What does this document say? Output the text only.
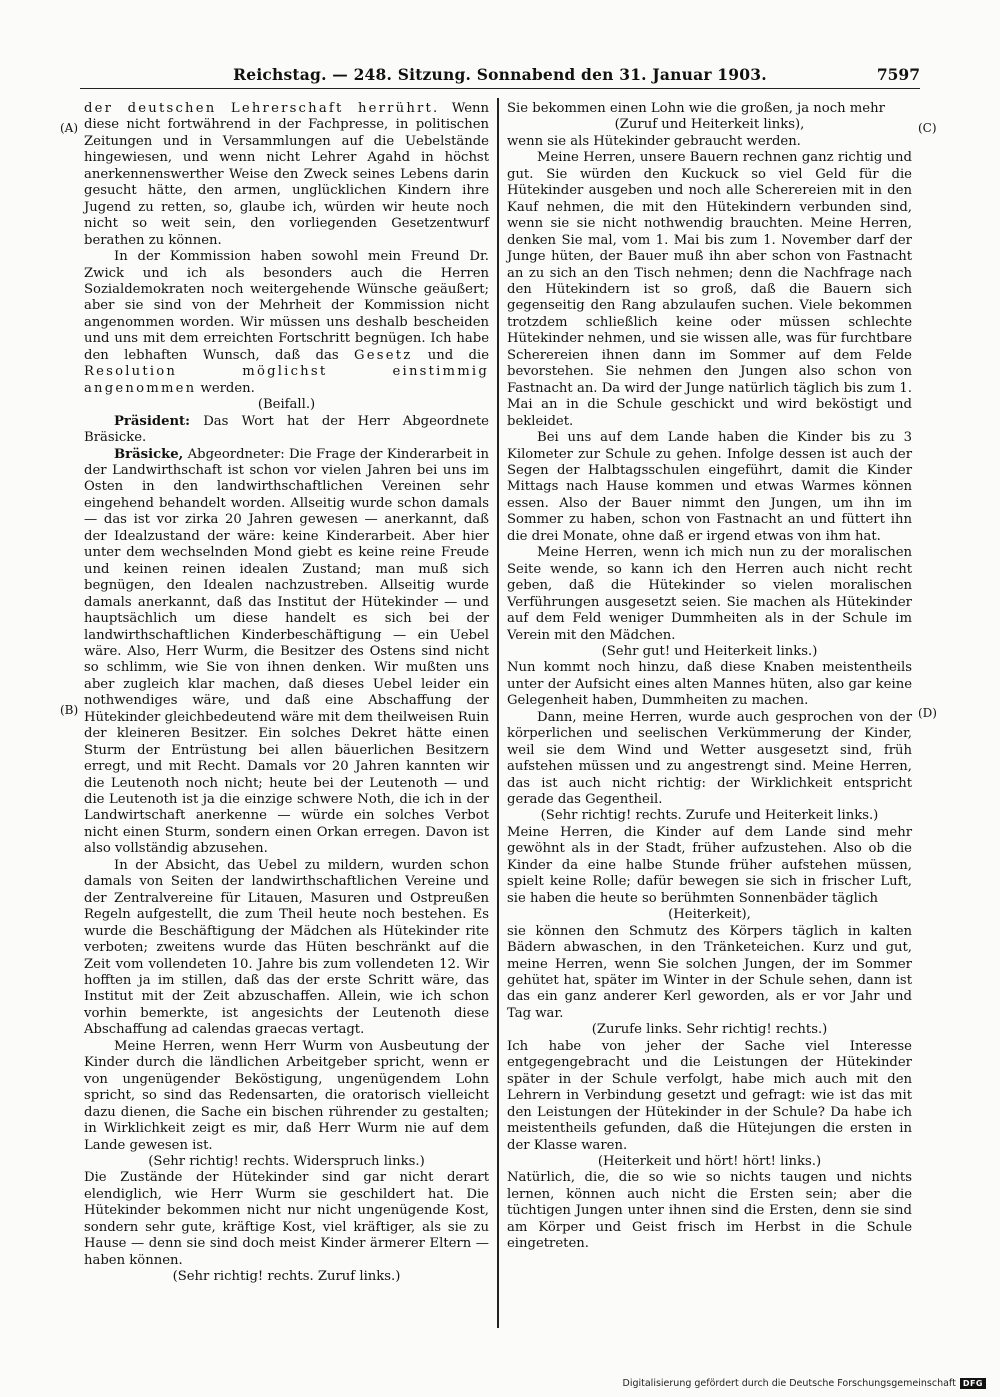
Reichstag. — 248. Sitzung. Sonnabend den 31. Januar 1903.	7597
(A)
(B)
(C)
(D)

der deutschen Lehrerschaft herrührt. Wenn diese nicht fortwährend in der Fachpresse, in politischen Zeitungen und in Versammlungen auf die Uebelstände hingewiesen, und wenn nicht Lehrer Agahd in höchst anerkennenswerther Weise den Zweck seines Lebens darin gesucht hätte, den armen, unglücklichen Kindern ihre Jugend zu retten, so, glaube ich, würden wir heute noch nicht so weit sein, den vorliegenden Gesetzentwurf berathen zu können.

In der Kommission haben sowohl mein Freund Dr. Zwick und ich als besonders auch die Herren Sozialdemokraten noch weitergehende Wünsche geäußert; aber sie sind von der Mehrheit der Kommission nicht angenommen worden. Wir müssen uns deshalb bescheiden und uns mit dem erreichten Fortschritt begnügen. Ich habe den lebhaften Wunsch, daß das Gesetz und die Resolution möglichst einstimmig angenommen werden.

(Beifall.)

Präsident: Das Wort hat der Herr Abgeordnete Bräsicke.

Bräsicke, Abgeordneter: Die Frage der Kinderarbeit in der Landwirthschaft ist schon vor vielen Jahren bei uns im Osten in den landwirthschaftlichen Vereinen sehr eingehend behandelt worden. Allseitig wurde schon damals — das ist vor zirka 20 Jahren gewesen — anerkannt, daß der Idealzustand der wäre: keine Kinderarbeit. Aber hier unter dem wechselnden Mond giebt es keine reine Freude und keinen reinen idealen Zustand; man muß sich begnügen, den Idealen nachzustreben. Allseitig wurde damals anerkannt, daß das Institut der Hütekinder — und hauptsächlich um diese handelt es sich bei der landwirthschaftlichen Kinderbeschäftigung — ein Uebel wäre. Also, Herr Wurm, die Besitzer des Ostens sind nicht so schlimm, wie Sie von ihnen denken. Wir mußten uns aber zugleich klar machen, daß dieses Uebel leider ein nothwendiges wäre, und daß eine Abschaffung der Hütekinder gleichbedeutend wäre mit dem theilweisen Ruin der kleineren Besitzer. Ein solches Dekret hätte einen Sturm der Entrüstung bei allen bäuerlichen Besitzern erregt, und mit Recht. Damals vor 20 Jahren kannten wir die Leutenoth noch nicht; heute bei der Leutenoth — und die Leutenoth ist ja die einzige schwere Noth, die ich in der Landwirtschaft anerkenne — würde ein solches Verbot nicht einen Sturm, sondern einen Orkan erregen. Davon ist also vollständig abzusehen.

In der Absicht, das Uebel zu mildern, wurden schon damals von Seiten der landwirthschaftlichen Vereine und der Zentralvereine für Litauen, Masuren und Ostpreußen Regeln aufgestellt, die zum Theil heute noch bestehen. Es wurde die Beschäftigung der Mädchen als Hütekinder rite verboten; zweitens wurde das Hüten beschränkt auf die Zeit vom vollendeten 10. Jahre bis zum vollendeten 12. Wir hofften ja im stillen, daß das der erste Schritt wäre, das Institut mit der Zeit abzuschaffen. Allein, wie ich schon vorhin bemerkte, ist angesichts der Leutenoth diese Abschaffung ad calendas graecas vertagt.

Meine Herren, wenn Herr Wurm von Ausbeutung der Kinder durch die ländlichen Arbeitgeber spricht, wenn er von ungenügender Beköstigung, ungenügendem Lohn spricht, so sind das Redensarten, die oratorisch vielleicht dazu dienen, die Sache ein bischen rührender zu gestalten; in Wirklichkeit zeigt es mir, daß Herr Wurm nie auf dem Lande gewesen ist.

(Sehr richtig! rechts. Widerspruch links.)

Die Zustände der Hütekinder sind gar nicht derart elendiglich, wie Herr Wurm sie geschildert hat. Die Hütekinder bekommen nicht nur nicht ungenügende Kost, sondern sehr gute, kräftige Kost, viel kräftiger, als sie zu Hause — denn sie sind doch meist Kinder ärmerer Eltern — haben können.

(Sehr richtig! rechts. Zuruf links.)

Sie bekommen einen Lohn wie die großen, ja noch mehr

(Zuruf und Heiterkeit links),

wenn sie als Hütekinder gebraucht werden.

Meine Herren, unsere Bauern rechnen ganz richtig und gut. Sie würden den Kuckuck so viel Geld für die Hütekinder ausgeben und noch alle Scherereien mit in den Kauf nehmen, die mit den Hütekindern verbunden sind, wenn sie sie nicht nothwendig brauchten. Meine Herren, denken Sie mal, vom 1. Mai bis zum 1. November darf der Junge hüten, der Bauer muß ihn aber schon von Fastnacht an zu sich an den Tisch nehmen; denn die Nachfrage nach den Hütekindern ist so groß, daß die Bauern sich gegenseitig den Rang abzulaufen suchen. Viele bekommen trotzdem schließlich keine oder müssen schlechte Hütekinder nehmen, und sie wissen alle, was für furchtbare Scherereien ihnen dann im Sommer auf dem Felde bevorstehen. Sie nehmen den Jungen also schon von Fastnacht an. Da wird der Junge natürlich täglich bis zum 1. Mai an in die Schule geschickt und wird beköstigt und bekleidet.

Bei uns auf dem Lande haben die Kinder bis zu 3 Kilometer zur Schule zu gehen. Infolge dessen ist auch der Segen der Halbtagsschulen eingeführt, damit die Kinder Mittags nach Hause kommen und etwas Warmes können essen. Also der Bauer nimmt den Jungen, um ihn im Sommer zu haben, schon von Fastnacht an und füttert ihn die drei Monate, ohne daß er irgend etwas von ihm hat.

Meine Herren, wenn ich mich nun zu der moralischen Seite wende, so kann ich den Herren auch nicht recht geben, daß die Hütekinder so vielen moralischen Verführungen ausgesetzt seien. Sie machen als Hütekinder auf dem Feld weniger Dummheiten als in der Schule im Verein mit den Mädchen.

(Sehr gut! und Heiterkeit links.)

Nun kommt noch hinzu, daß diese Knaben meistentheils unter der Aufsicht eines alten Mannes hüten, also gar keine Gelegenheit haben, Dummheiten zu machen.

Dann, meine Herren, wurde auch gesprochen von der körperlichen und seelischen Verkümmerung der Kinder, weil sie dem Wind und Wetter ausgesetzt sind, früh aufstehen müssen und zu angestrengt sind. Meine Herren, das ist auch nicht richtig: der Wirklichkeit entspricht gerade das Gegentheil.

(Sehr richtig! rechts. Zurufe und Heiterkeit links.)

Meine Herren, die Kinder auf dem Lande sind mehr gewöhnt als in der Stadt, früher aufzustehen. Also ob die Kinder da eine halbe Stunde früher aufstehen müssen, spielt keine Rolle; dafür bewegen sie sich in frischer Luft, sie haben die heute so berühmten Sonnenbäder täglich

(Heiterkeit),

sie können den Schmutz des Körpers täglich in kalten Bädern abwaschen, in den Tränketeichen. Kurz und gut, meine Herren, wenn Sie solchen Jungen, der im Sommer gehütet hat, später im Winter in der Schule sehen, dann ist das ein ganz anderer Kerl geworden, als er vor Jahr und Tag war.

(Zurufe links. Sehr richtig! rechts.)

Ich habe von jeher der Sache viel Interesse entgegengebracht und die Leistungen der Hütekinder später in der Schule verfolgt, habe mich auch mit den Lehrern in Verbindung gesetzt und gefragt: wie ist das mit den Leistungen der Hütekinder in der Schule? Da habe ich meistentheils gefunden, daß die Hütejungen die ersten in der Klasse waren.

(Heiterkeit und hört! hört! links.)

Natürlich, die, die so wie so nichts taugen und nichts lernen, können auch nicht die Ersten sein; aber die tüchtigen Jungen unter ihnen sind die Ersten, denn sie sind am Körper und Geist frisch im Herbst in die Schule eingetreten.

Digitalisierung gefördert durch die Deutsche Forschungsgemeinschaft DFG
